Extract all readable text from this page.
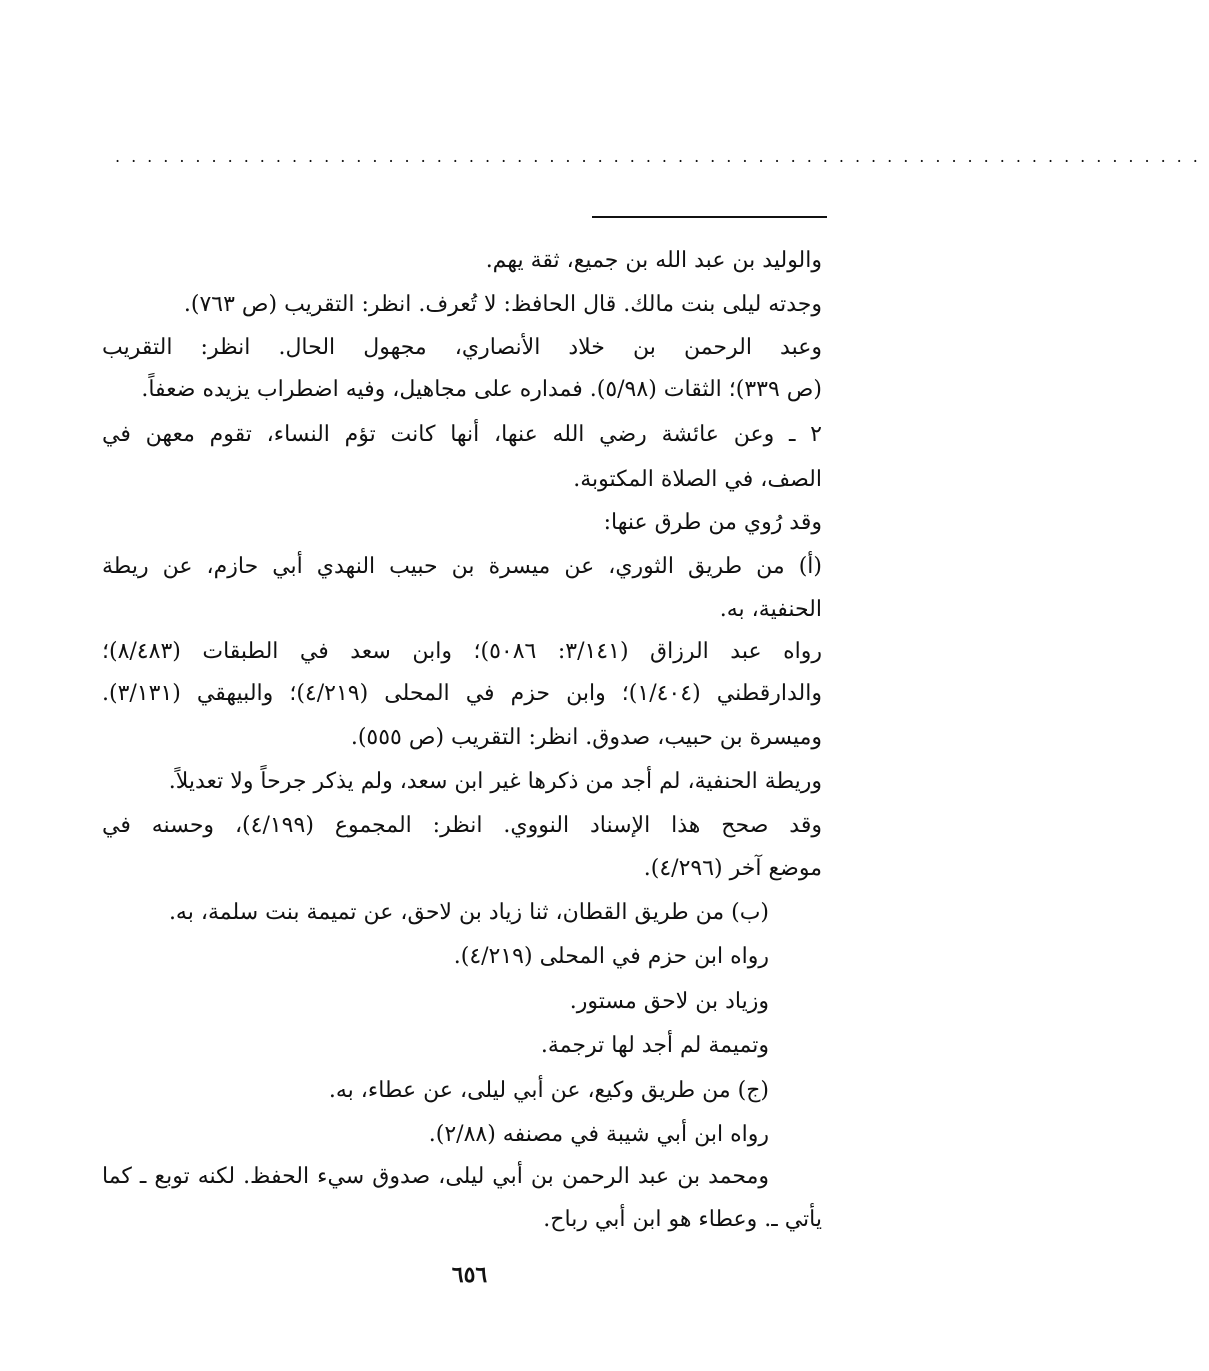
....................................................................
والوليد بن عبد الله بن جميع، ثقة يهم.
وجدته ليلى بنت مالك. قال الحافظ: لا تُعرف. انظر: التقريب (ص ٧٦٣).
وعبد الرحمن بن خلاد الأنصاري، مجهول الحال. انظر: التقريب
(ص ٣٣٩)؛ الثقات (٥/٩٨). فمداره على مجاهيل، وفيه اضطراب يزيده ضعفاً.
٢ ـ وعن عائشة رضي الله عنها، أنها كانت تؤم النساء، تقوم معهن في
الصف، في الصلاة المكتوبة.
وقد رُوي من طرق عنها:
(أ) من طريق الثوري، عن ميسرة بن حبيب النهدي أبي حازم، عن ريطة
الحنفية، به.
رواه عبد الرزاق (٣/١٤١: ٥٠٨٦)؛ وابن سعد في الطبقات (٨/٤٨٣)؛
والدارقطني (١/٤٠٤)؛ وابن حزم في المحلى (٤/٢١٩)؛ والبيهقي (٣/١٣١).
وميسرة بن حبيب، صدوق. انظر: التقريب (ص ٥٥٥).
وريطة الحنفية، لم أجد من ذكرها غير ابن سعد، ولم يذكر جرحاً ولا تعديلاً.
وقد صحح هذا الإسناد النووي. انظر: المجموع (٤/١٩٩)، وحسنه في
موضع آخر (٤/٢٩٦).
(ب) من طريق القطان، ثنا زياد بن لاحق، عن تميمة بنت سلمة، به.
رواه ابن حزم في المحلى (٤/٢١٩).
وزياد بن لاحق مستور.
وتميمة لم أجد لها ترجمة.
(ج) من طريق وكيع، عن أبي ليلى، عن عطاء، به.
رواه ابن أبي شيبة في مصنفه (٢/٨٨).
ومحمد بن عبد الرحمن بن أبي ليلى، صدوق سيء الحفظ. لكنه توبع ـ كما
يأتي ـ. وعطاء هو ابن أبي رباح.
٦٥٦
